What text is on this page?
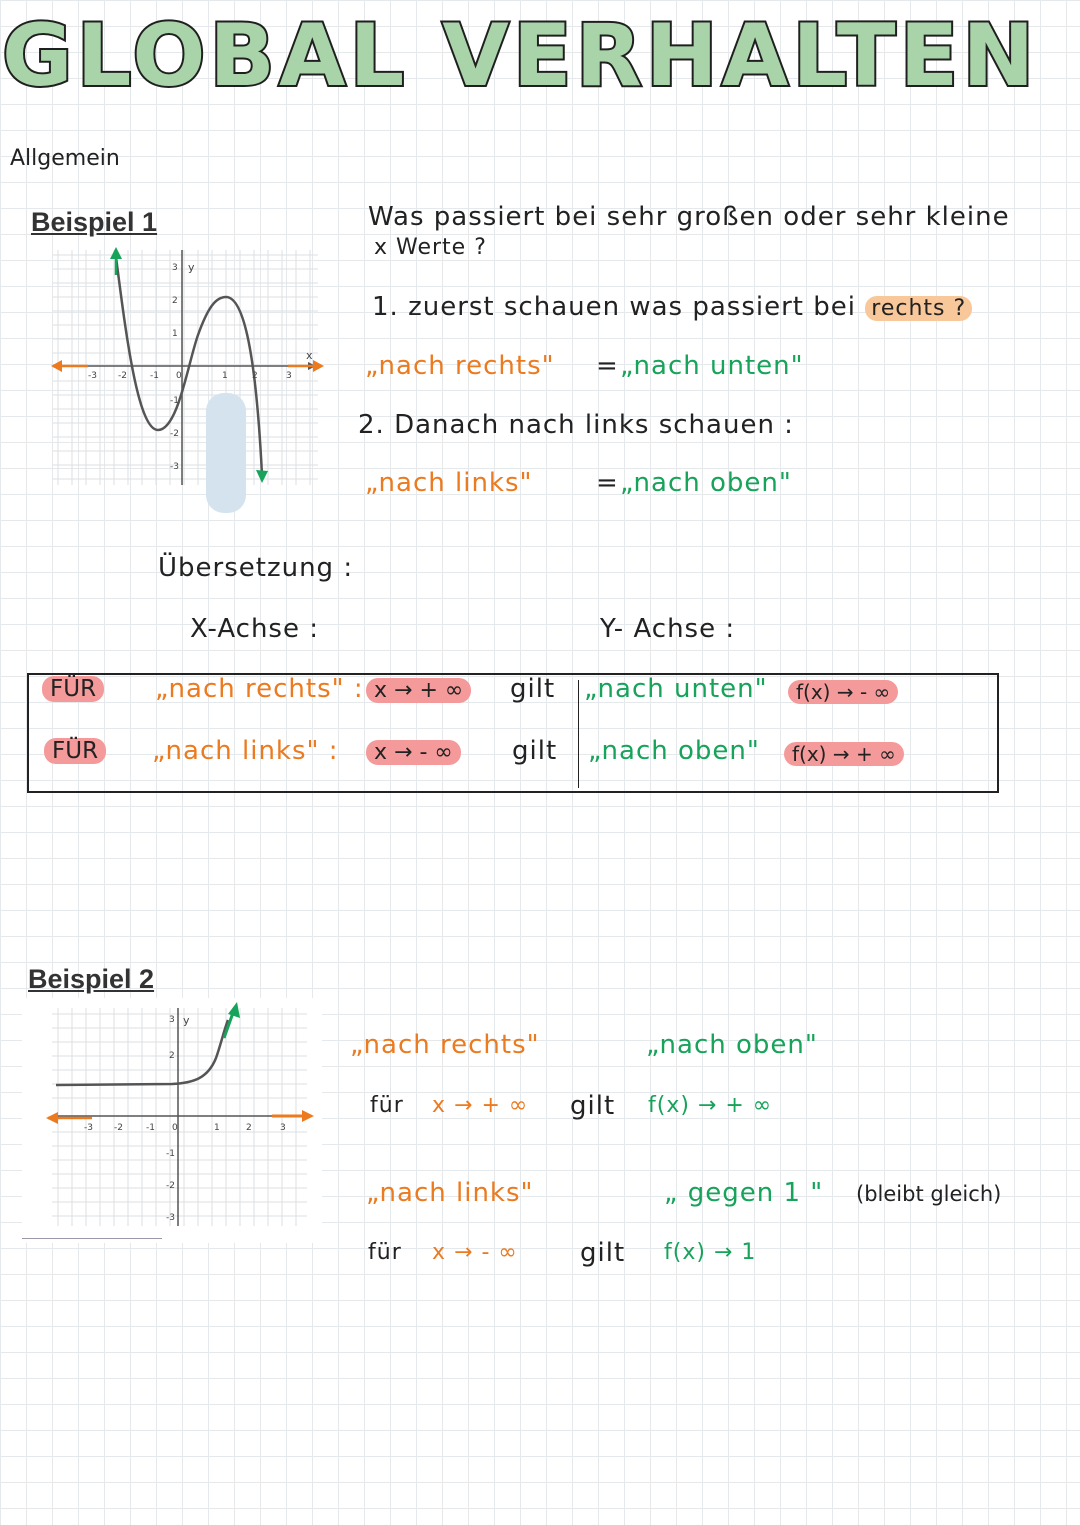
GLOBAL VERHALTEN
Allgemein
Beispiel 1
-3 -2	-1 0	1	2	3
3
2
1
-1
-2
-3
x
y
Was passiert bei sehr großen oder sehr kleine
x Werte ?
1. zuerst schauen was passiert bei rechts ?
„nach rechts" = „nach unten"
2. Danach nach links schauen :
„nach links" = „nach oben"
Übersetzung :
X-Achse :	Y- Achse :
FÜR	„nach rechts" : x → + ∞	gilt „nach unten"	f(x) → - ∞
FÜR	„nach links" :	x → - ∞	gilt „nach oben"	f(x) → + ∞
Beispiel 2
-3 -2	-1 0	1	2	3
3
2
-1
-2
-3
y
„nach rechts"	„nach oben"
für x → + ∞ gilt f(x) → + ∞
„nach links"	„ gegen 1 " (bleibt gleich)
für x → - ∞ gilt f(x) → 1
